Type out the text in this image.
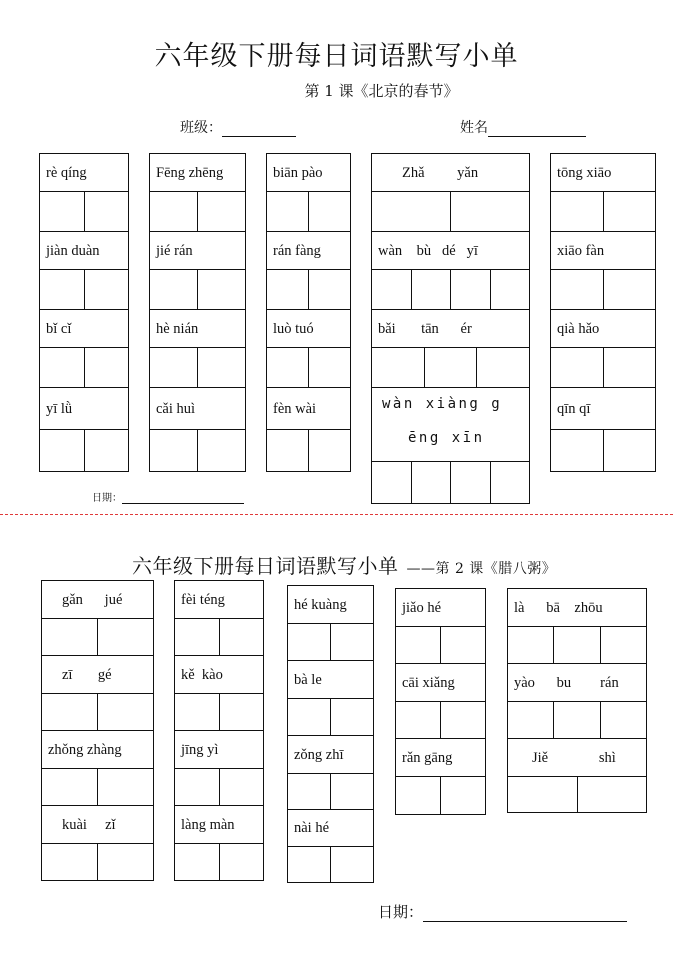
六年级下册每日词语默写小单
第 1 课《北京的春节》
班级：	姓名
rè qíng
jiàn duàn
bǐ cǐ
yī lǜ
Fēng zhēng
jié rán
hè nián
cǎi huì
biān pào
rán fàng
luò tuó
fèn wài
Zhǎ         yǎn
wàn    bù   dé   yī
bǎi       tān      ér

wàn xiàng g

ēng xīn

tōng xiāo
xiāo fàn
qià hǎo
qīn qī
日期：
六年级下册每日词语默写小单 ——第 2 课《腊八粥》
gǎn      jué
zī       gé
zhǒng zhàng
kuài     zǐ
fèi téng
kě  kào
jīng yì
làng màn
hé kuàng
bà le
zǒng zhī
nài hé
jiǎo hé
cāi xiǎng
rǎn gāng
là      bā    zhōu
yào      bu        rán
Jiě              shì
日期：
